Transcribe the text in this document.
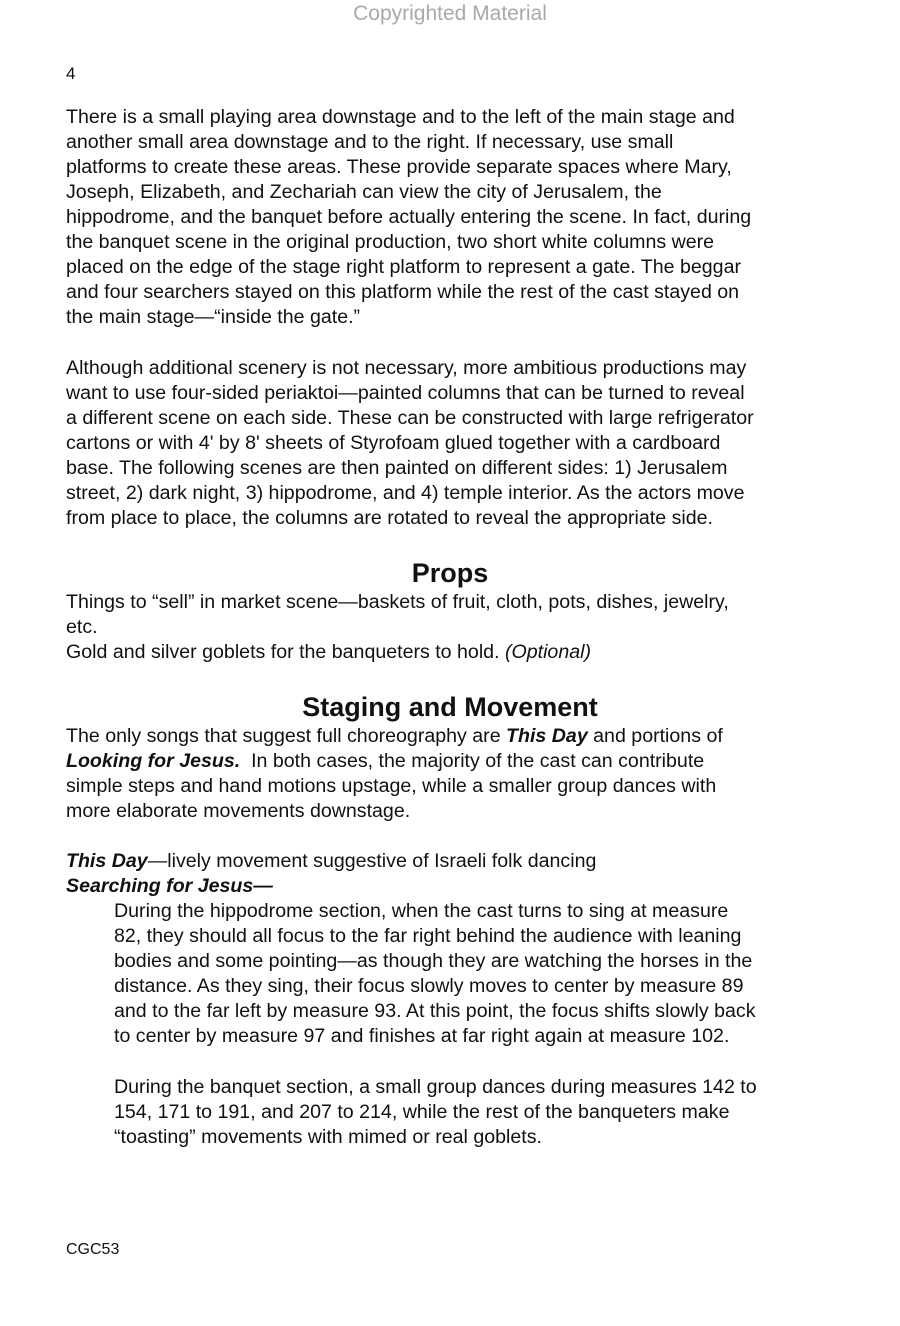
Copyrighted Material
4

There is a small playing area downstage and to the left of the main stage and
another small area downstage and to the right. If necessary, use small
platforms to create these areas. These provide separate spaces where Mary,
Joseph, Elizabeth, and Zechariah can view the city of Jerusalem, the
hippodrome, and the banquet before actually entering the scene. In fact, during
the banquet scene in the original production, two short white columns were
placed on the edge of the stage right platform to represent a gate. The beggar
and four searchers stayed on this platform while the rest of the cast stayed on
the main stage—“inside the gate.”

Although additional scenery is not necessary, more ambitious productions may
want to use four-sided periaktoi—painted columns that can be turned to reveal
a different scene on each side. These can be constructed with large refrigerator
cartons or with 4' by 8' sheets of Styrofoam glued together with a cardboard
base. The following scenes are then painted on different sides: 1) Jerusalem
street, 2) dark night, 3) hippodrome, and 4) temple interior. As the actors move
from place to place, the columns are rotated to reveal the appropriate side.

Props

Things to “sell” in market scene—baskets of fruit, cloth, pots, dishes, jewelry,
etc.
Gold and silver goblets for the banqueters to hold. (Optional)

Staging and Movement

The only songs that suggest full choreography are This Day and portions of
Looking for Jesus.  In both cases, the majority of the cast can contribute
simple steps and hand motions upstage, while a smaller group dances with
more elaborate movements downstage.

This Day—lively movement suggestive of Israeli folk dancing
Searching for Jesus—

During the hippodrome section, when the cast turns to sing at measure
82, they should all focus to the far right behind the audience with leaning
bodies and some pointing—as though they are watching the horses in the
distance. As they sing, their focus slowly moves to center by measure 89
and to the far left by measure 93. At this point, the focus shifts slowly back
to center by measure 97 and finishes at far right again at measure 102.

During the banquet section, a small group dances during measures 142 to
154, 171 to 191, and 207 to 214, while the rest of the banqueters make
“toasting” movements with mimed or real goblets.

CGC53
